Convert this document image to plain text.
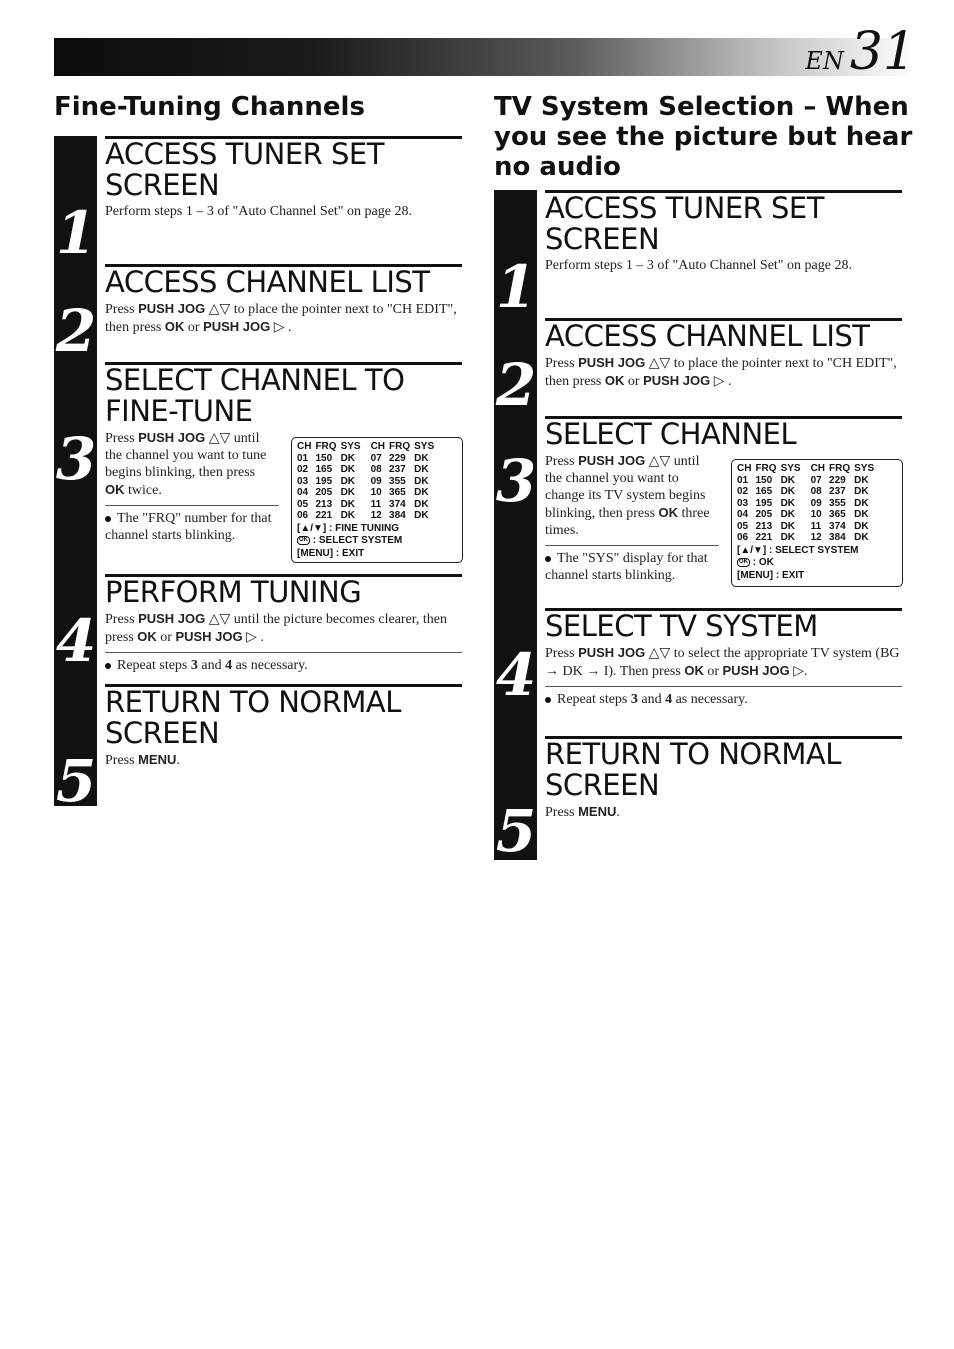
EN 31
Fine-Tuning Channels
1
2
3
4
5
ACCESS TUNER SET SCREEN
Perform steps 1 – 3 of "Auto Channel Set" on page 28.
ACCESS CHANNEL LIST
Press PUSH JOG △▽ to place the pointer next to "CH EDIT", then press OK or PUSH JOG ▷ .
SELECT CHANNEL TO FINE-TUNE
Press PUSH JOG △▽ until the channel you want to tune begins blinking, then press OK twice.
The "FRQ" number for that channel starts blinking.
CH	FRQ	SYS	CH	FRQ	SYS
01	150	DK	07	229	DK
02	165	DK	08	237	DK
03	195	DK	09	355	DK
04	205	DK	10	365	DK
05	213	DK	11	374	DK
06	221	DK	12	384	DK
[▲/▼] : FINE TUNING
OK : SELECT SYSTEM
[MENU] : EXIT
PERFORM TUNING
Press PUSH JOG △▽ until the picture becomes clearer, then press OK or PUSH JOG ▷ .
Repeat steps 3 and 4 as necessary.
RETURN TO NORMAL SCREEN
Press MENU.
TV System Selection – When you see the picture but hear no audio
1
2
3
4
5
ACCESS TUNER SET SCREEN
Perform steps 1 – 3 of "Auto Channel Set" on page 28.
ACCESS CHANNEL LIST
Press PUSH JOG △▽ to place the pointer next to "CH EDIT", then press OK or PUSH JOG ▷ .
SELECT CHANNEL
Press PUSH JOG △▽ until the channel you want to change its TV system begins blinking, then press OK three times.
The "SYS" display for that channel starts blinking.
CH	FRQ	SYS	CH	FRQ	SYS
01	150	DK	07	229	DK
02	165	DK	08	237	DK
03	195	DK	09	355	DK
04	205	DK	10	365	DK
05	213	DK	11	374	DK
06	221	DK	12	384	DK
[▲/▼] : SELECT SYSTEM
OK : OK
[MENU] : EXIT
SELECT TV SYSTEM
Press PUSH JOG △▽ to select the appropriate TV system (BG → DK → I). Then press OK or PUSH JOG ▷.
Repeat steps 3 and 4 as necessary.
RETURN TO NORMAL SCREEN
Press MENU.
